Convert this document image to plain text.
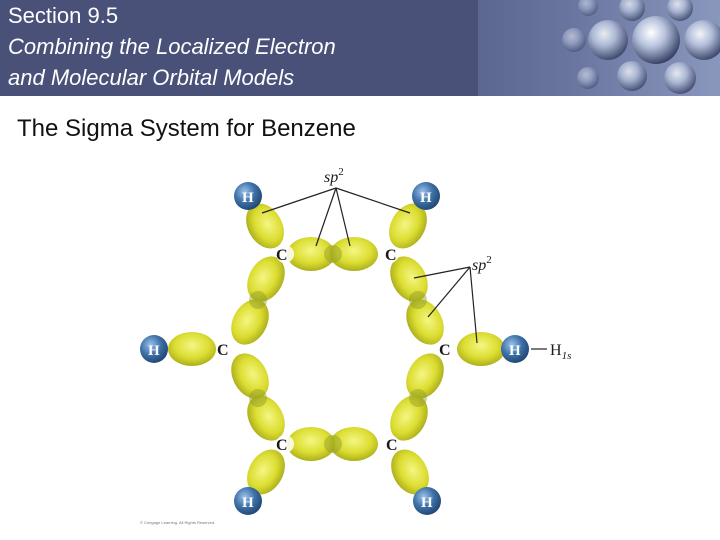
Section 9.5
Combining the Localized Electron
and Molecular Orbital Models
The Sigma System for Benzene
C	C
C
C
C
C
H	H
H
H
H
H
$sp^2$
$sp^2$
$H_{1s}$
© Cengage Learning. All Rights Reserved.
